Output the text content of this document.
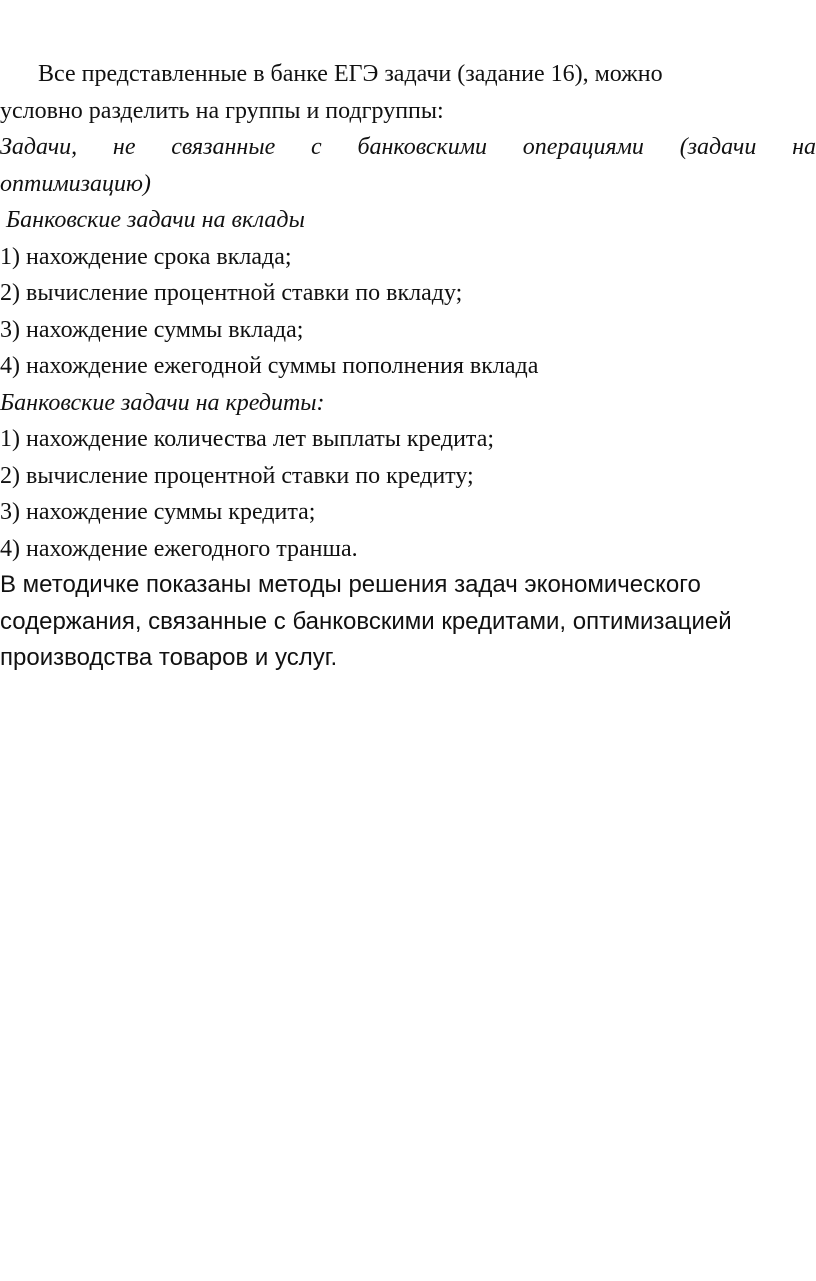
Все представленные в банке ЕГЭ задачи (задание 16), можно

условно разделить на группы и подгруппы:

Задачи, не связанные с банковскими операциями (задачи на

оптимизацию)

Банковские задачи на вклады

1) нахождение срока вклада;

2) вычисление процентной ставки по вкладу;

3) нахождение суммы вклада;

4) нахождение ежегодной суммы пополнения вклада

Банковские задачи на кредиты:

1) нахождение количества лет выплаты кредита;

2) вычисление процентной ставки по кредиту;

3) нахождение суммы кредита;

4) нахождение ежегодного транша.

В методичке показаны методы решения задач экономического

содержания, связанные с банковскими кредитами, оптимизацией

производства товаров и услуг.
